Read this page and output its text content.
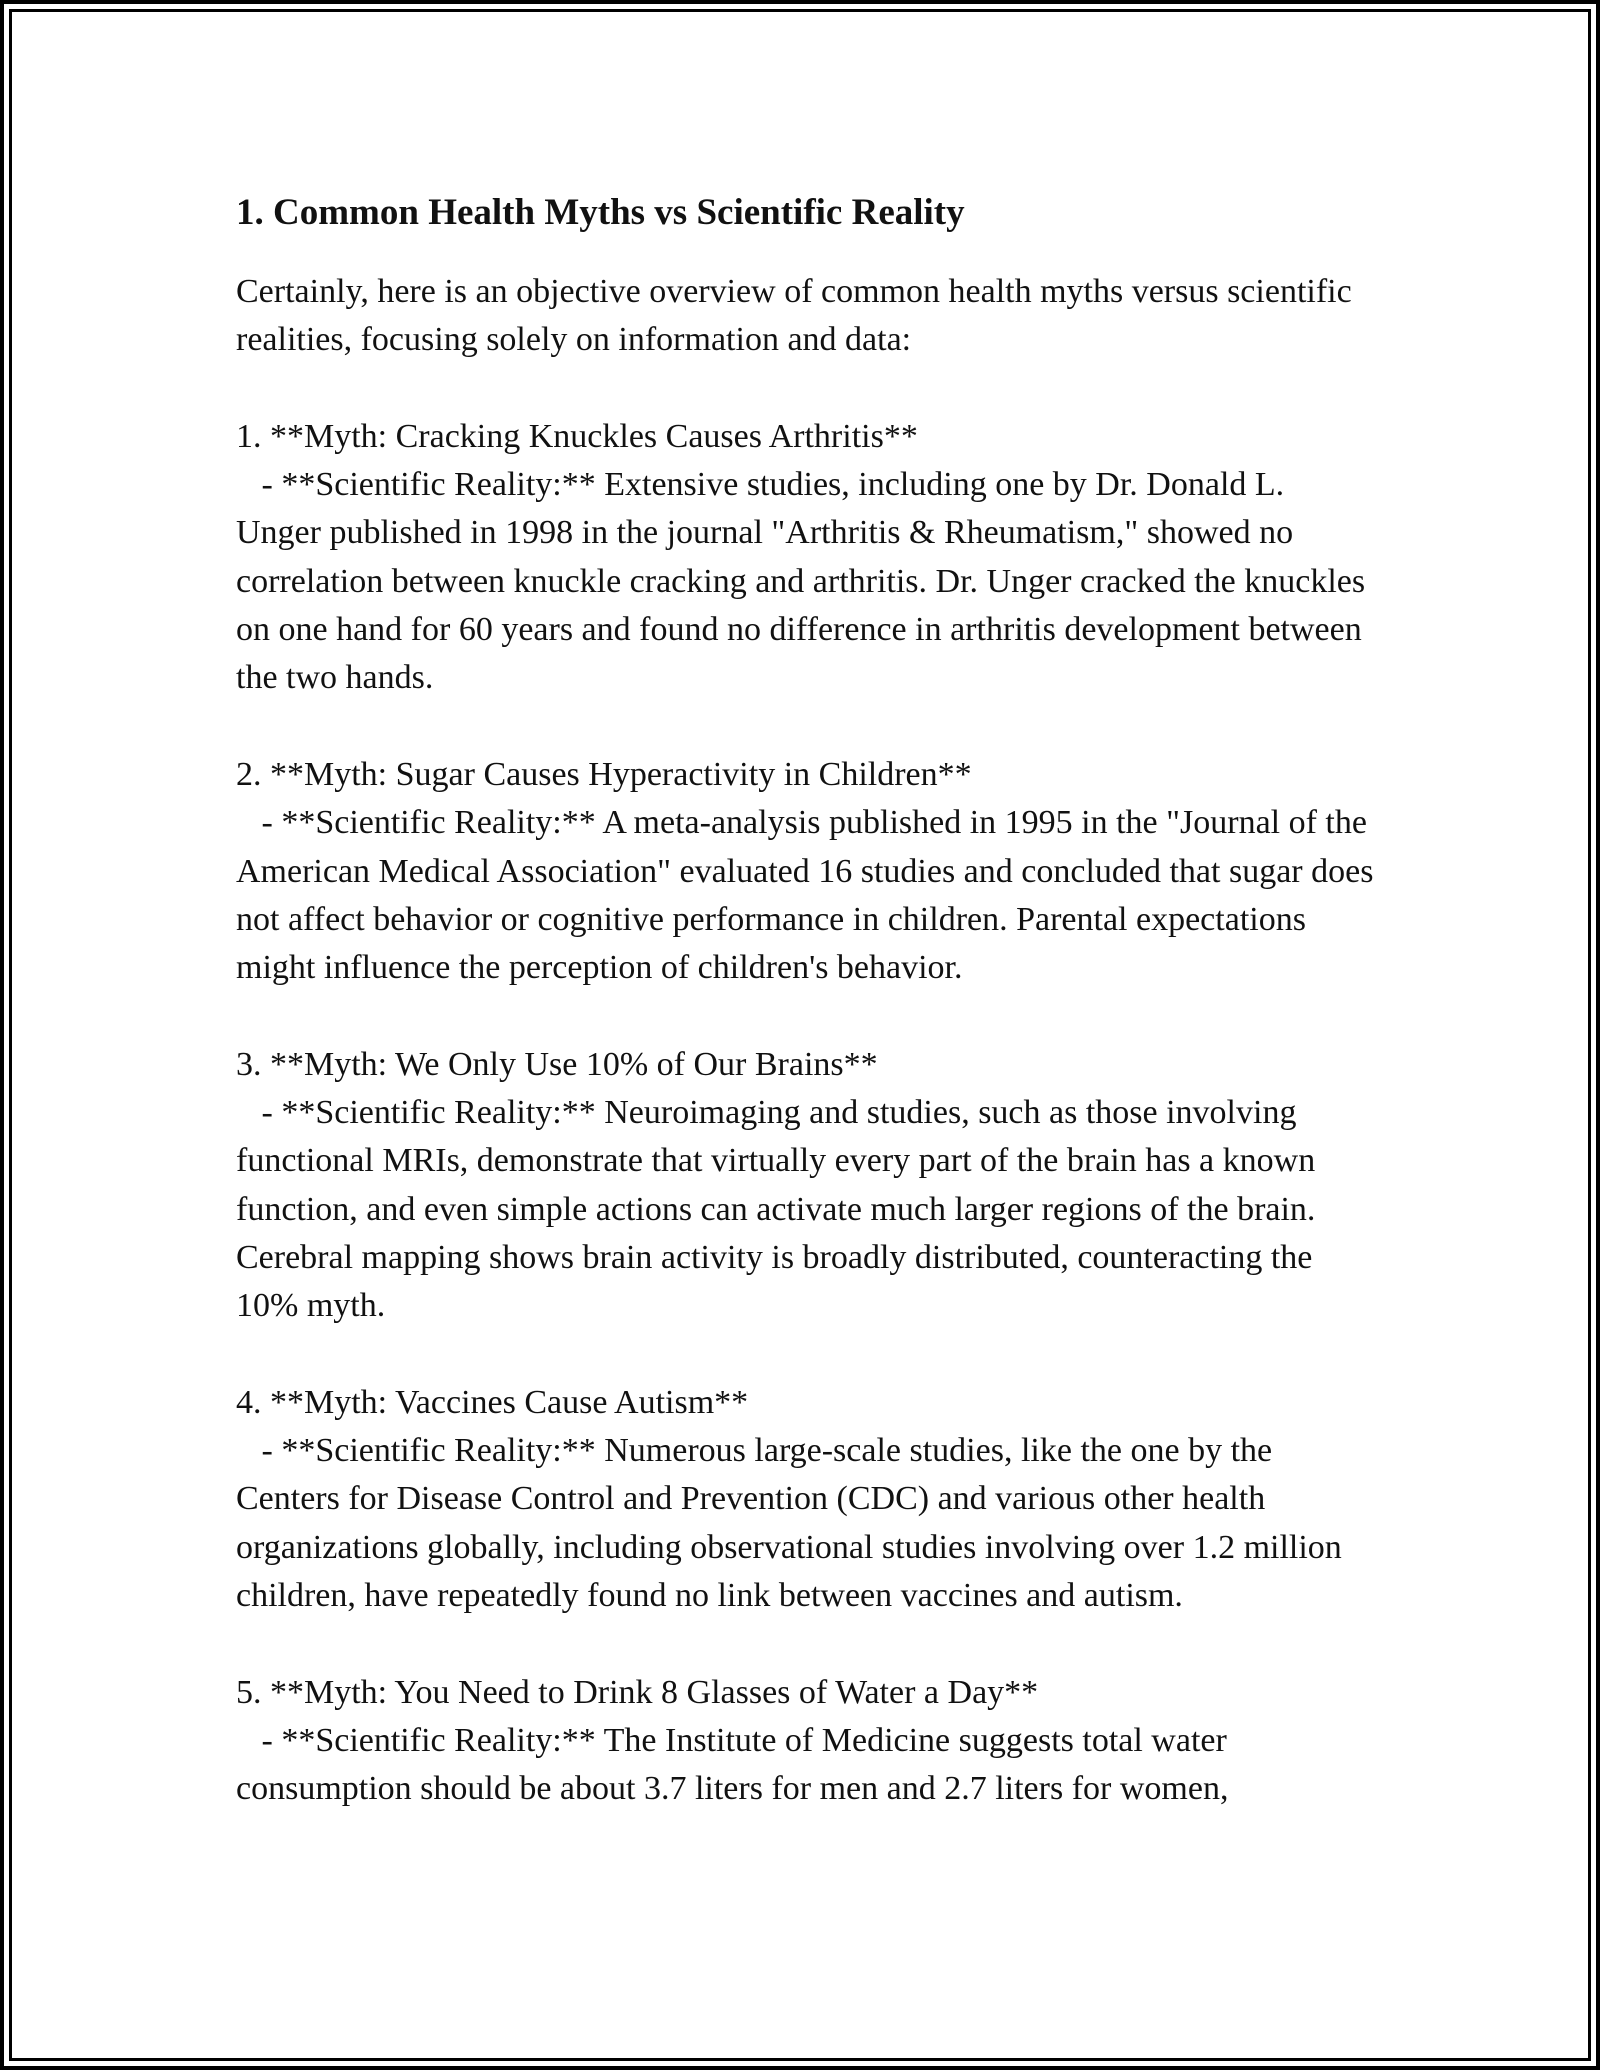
1. Common Health Myths vs Scientific Reality

Certainly, here is an objective overview of common health myths versus scientific realities, focusing solely on information and data:

1. **Myth: Cracking Knuckles Causes Arthritis**

- **Scientific Reality:** Extensive studies, including one by Dr. Donald L. Unger published in 1998 in the journal "Arthritis & Rheumatism," showed no correlation between knuckle cracking and arthritis. Dr. Unger cracked the knuckles on one hand for 60 years and found no difference in arthritis development between the two hands.

2. **Myth: Sugar Causes Hyperactivity in Children**

- **Scientific Reality:** A meta-analysis published in 1995 in the "Journal of the American Medical Association" evaluated 16 studies and concluded that sugar does not affect behavior or cognitive performance in children. Parental expectations might influence the perception of children's behavior.

3. **Myth: We Only Use 10% of Our Brains**

- **Scientific Reality:** Neuroimaging and studies, such as those involving functional MRIs, demonstrate that virtually every part of the brain has a known function, and even simple actions can activate much larger regions of the brain. Cerebral mapping shows brain activity is broadly distributed, counteracting the 10% myth.

4. **Myth: Vaccines Cause Autism**

- **Scientific Reality:** Numerous large-scale studies, like the one by the Centers for Disease Control and Prevention (CDC) and various other health organizations globally, including observational studies involving over 1.2 million children, have repeatedly found no link between vaccines and autism.

5. **Myth: You Need to Drink 8 Glasses of Water a Day**

- **Scientific Reality:** The Institute of Medicine suggests total water consumption should be about 3.7 liters for men and 2.7 liters for women,
